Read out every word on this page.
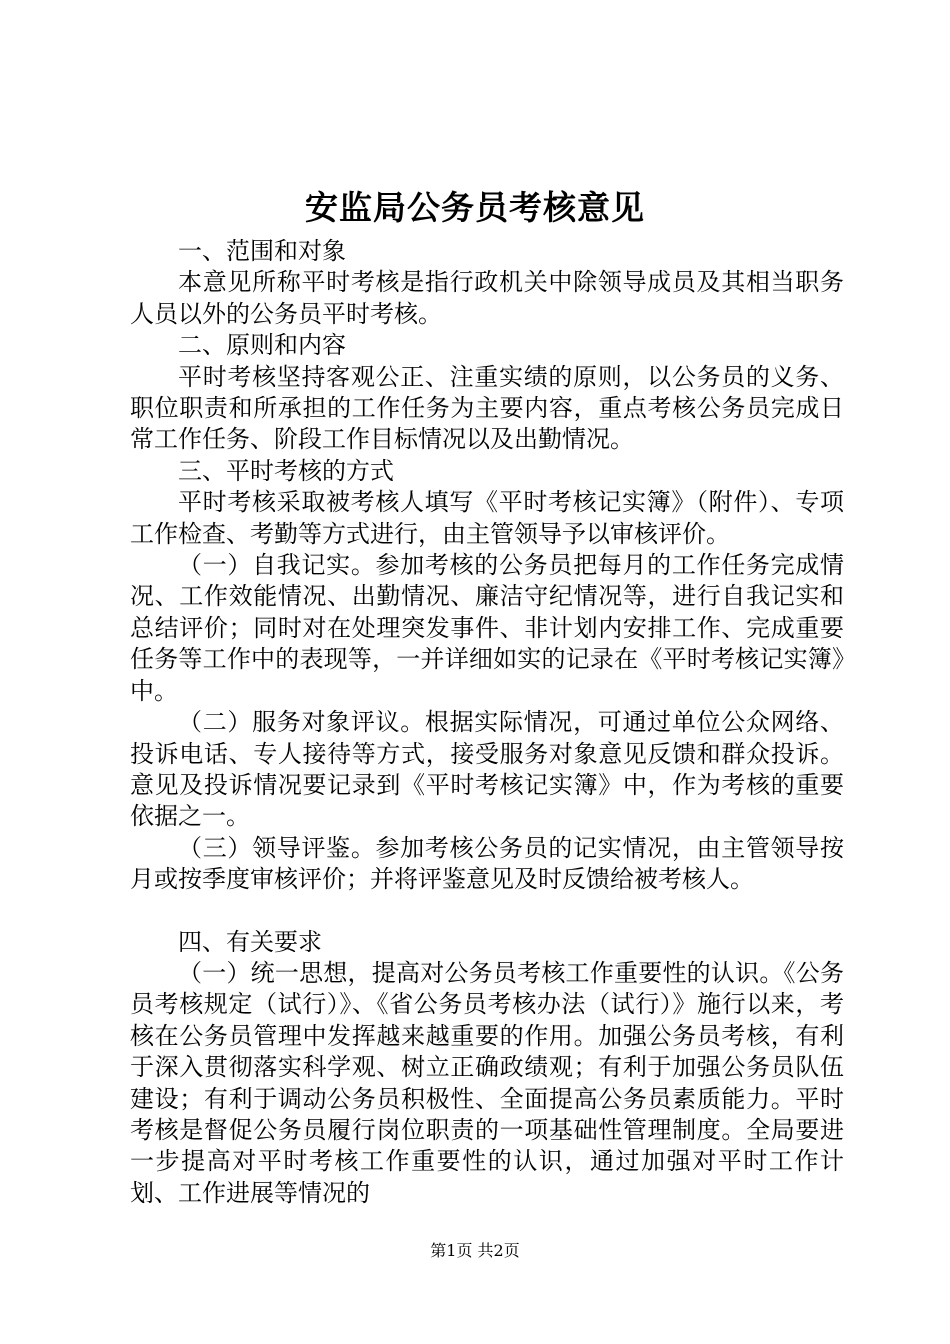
安监局公务员考核意见

一、范围和对象

本意见所称平时考核是指行政机关中除领导成员及其相当职务人员以外的公务员平时考核。

二、原则和内容

平时考核坚持客观公正、注重实绩的原则，以公务员的义务、职位职责和所承担的工作任务为主要内容，重点考核公务员完成日常工作任务、阶段工作目标情况以及出勤情况。

三、平时考核的方式

平时考核采取被考核人填写《平时考核记实簿》（附件）、专项工作检查、考勤等方式进行，由主管领导予以审核评价。

（一）自我记实。参加考核的公务员把每月的工作任务完成情况、工作效能情况、出勤情况、廉洁守纪情况等，进行自我记实和总结评价；同时对在处理突发事件、非计划内安排工作、完成重要任务等工作中的表现等，一并详细如实的记录在《平时考核记实簿》中。

（二）服务对象评议。根据实际情况，可通过单位公众网络、投诉电话、专人接待等方式，接受服务对象意见反馈和群众投诉。意见及投诉情况要记录到《平时考核记实簿》中，作为考核的重要依据之一。

（三）领导评鉴。参加考核公务员的记实情况，由主管领导按月或按季度审核评价；并将评鉴意见及时反馈给被考核人。

四、有关要求

（一）统一思想，提高对公务员考核工作重要性的认识。《公务员考核规定（试行）》、《省公务员考核办法（试行）》施行以来，考核在公务员管理中发挥越来越重要的作用。加强公务员考核，有利于深入贯彻落实科学观、树立正确政绩观；有利于加强公务员队伍建设；有利于调动公务员积极性、全面提高公务员素质能力。平时考核是督促公务员履行岗位职责的一项基础性管理制度。全局要进一步提高对平时考核工作重要性的认识，通过加强对平时工作计划、工作进展等情况的

第1页 共2页
